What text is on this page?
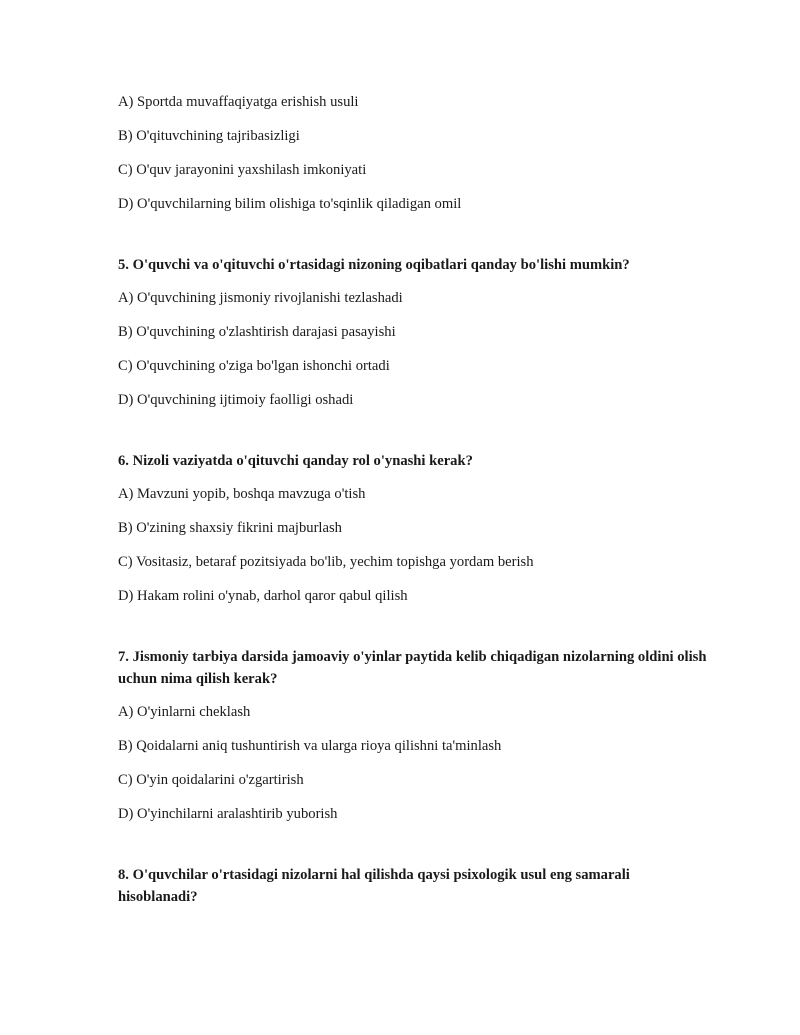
A) Sportda muvaffaqiyatga erishish usuli
B) O'qituvchining tajribasizligi
C) O'quv jarayonini yaxshilash imkoniyati
D) O'quvchilarning bilim olishiga to'sqinlik qiladigan omil
5. O'quvchi va o'qituvchi o'rtasidagi nizoning oqibatlari qanday bo'lishi mumkin?
A) O'quvchining jismoniy rivojlanishi tezlashadi
B) O'quvchining o'zlashtirish darajasi pasayishi
C) O'quvchining o'ziga bo'lgan ishonchi ortadi
D) O'quvchining ijtimoiy faolligi oshadi
6. Nizoli vaziyatda o'qituvchi qanday rol o'ynashi kerak?
A) Mavzuni yopib, boshqa mavzuga o'tish
B) O'zining shaxsiy fikrini majburlash
C) Vositasiz, betaraf pozitsiyada bo'lib, yechim topishga yordam berish
D) Hakam rolini o'ynab, darhol qaror qabul qilish
7. Jismoniy tarbiya darsida jamoaviy o'yinlar paytida kelib chiqadigan nizolarning oldini olish uchun nima qilish kerak?
A) O'yinlarni cheklash
B) Qoidalarni aniq tushuntirish va ularga rioya qilishni ta'minlash
C) O'yin qoidalarini o'zgartirish
D) O'yinchilarni aralashtirib yuborish
8. O'quvchilar o'rtasidagi nizolarni hal qilishda qaysi psixologik usul eng samarali hisoblanadi?
